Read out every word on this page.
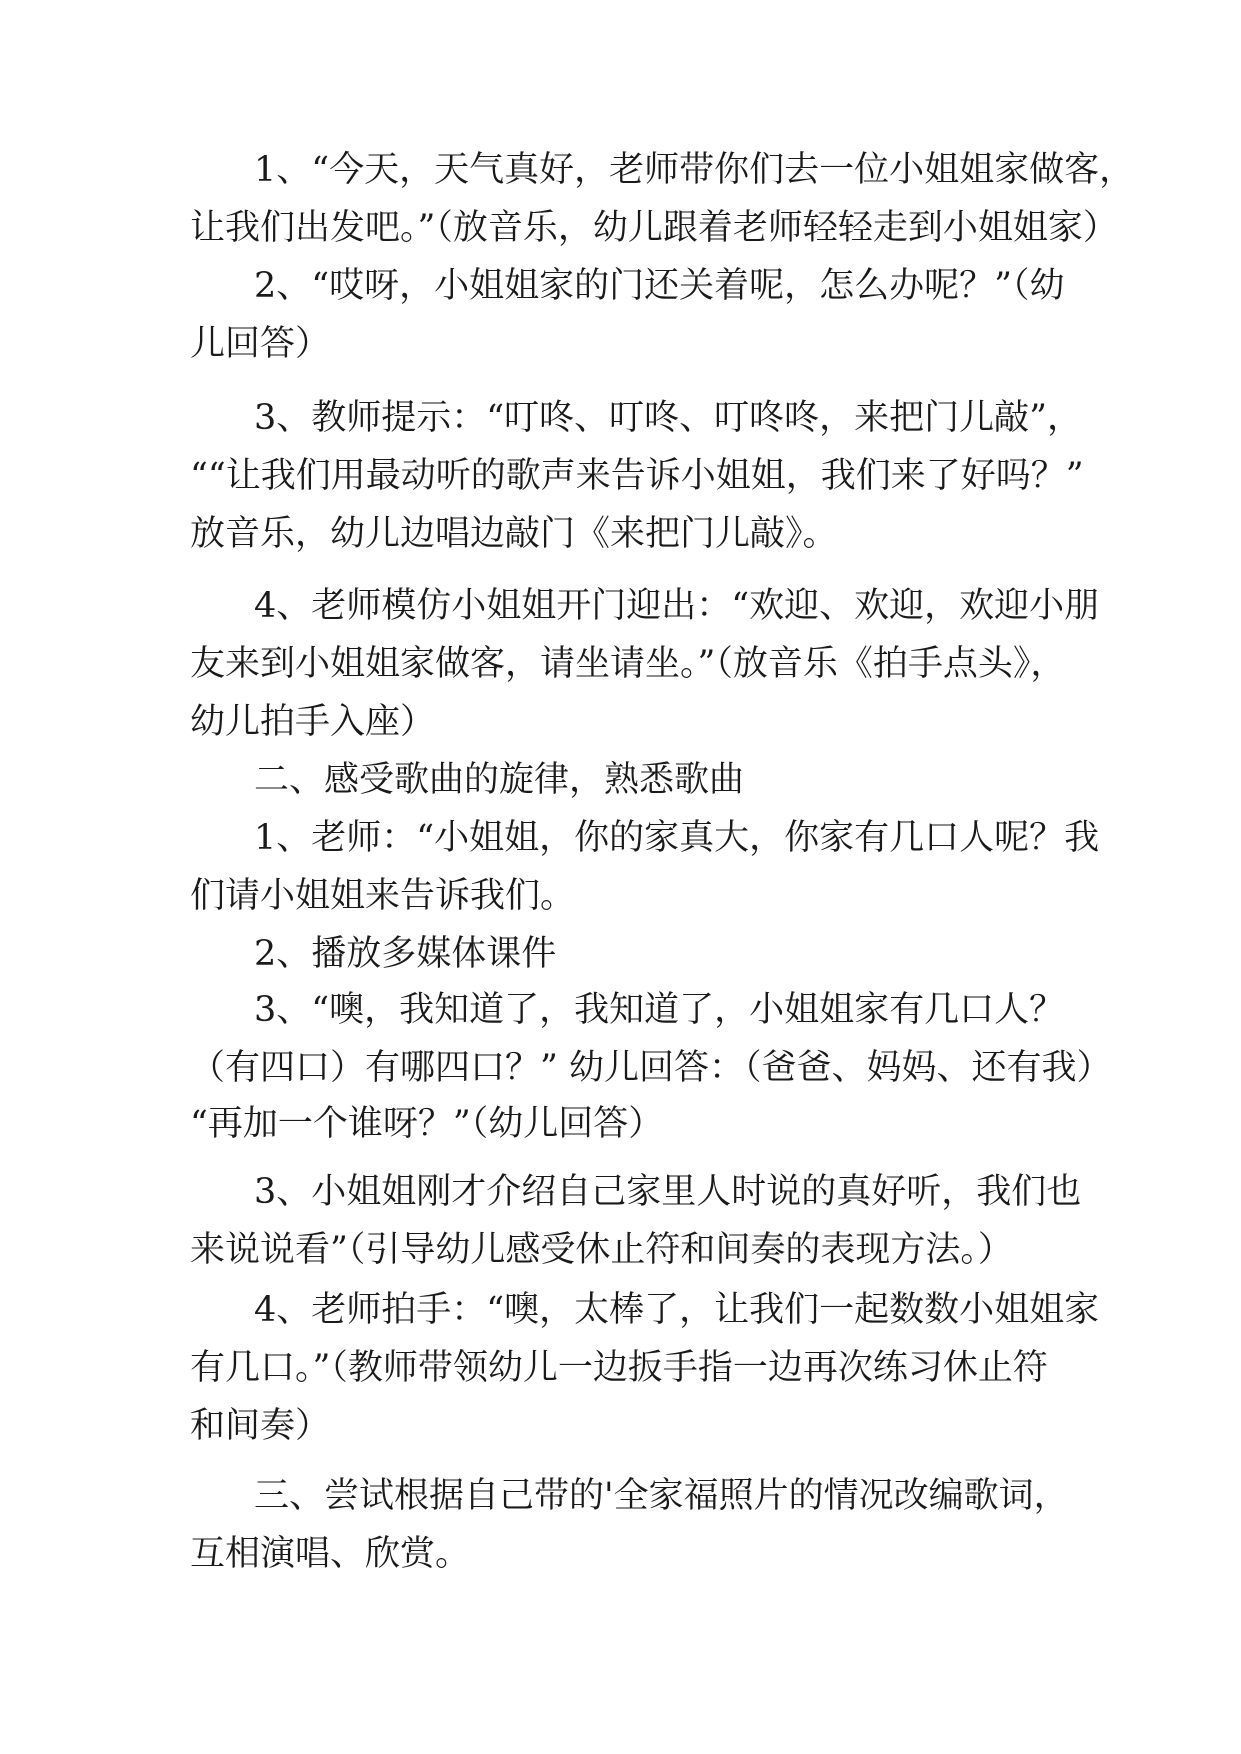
1、“今天，天气真好，老师带你们去一位小姐姐家做客，
让我们出发吧。”（放音乐，幼儿跟着老师轻轻走到小姐姐家）
2、“哎呀，小姐姐家的门还关着呢，怎么办呢？”（幼
儿回答）
3、教师提示：“叮咚、叮咚、叮咚咚，来把门儿敲”，
““让我们用最动听的歌声来告诉小姐姐，我们来了好吗？”
放音乐，幼儿边唱边敲门《来把门儿敲》。
4、老师模仿小姐姐开门迎出：“欢迎、欢迎，欢迎小朋
友来到小姐姐家做客，请坐请坐。”（放音乐《拍手点头》，
幼儿拍手入座）
二、感受歌曲的旋律，熟悉歌曲
1、老师：“小姐姐，你的家真大，你家有几口人呢？我
们请小姐姐来告诉我们。
2、播放多媒体课件
3、“噢，我知道了，我知道了，小姐姐家有几口人？
（有四口）有哪四口？” 幼儿回答：（爸爸、妈妈、还有我）
“再加一个谁呀？”（幼儿回答）
3、小姐姐刚才介绍自己家里人时说的真好听，我们也
来说说看”（引导幼儿感受休止符和间奏的表现方法。）
4、老师拍手：“噢，太棒了，让我们一起数数小姐姐家
有几口。”（教师带领幼儿一边扳手指一边再次练习休止符
和间奏）
三、尝试根据自己带的'全家福照片的情况改编歌词，
互相演唱、欣赏。
